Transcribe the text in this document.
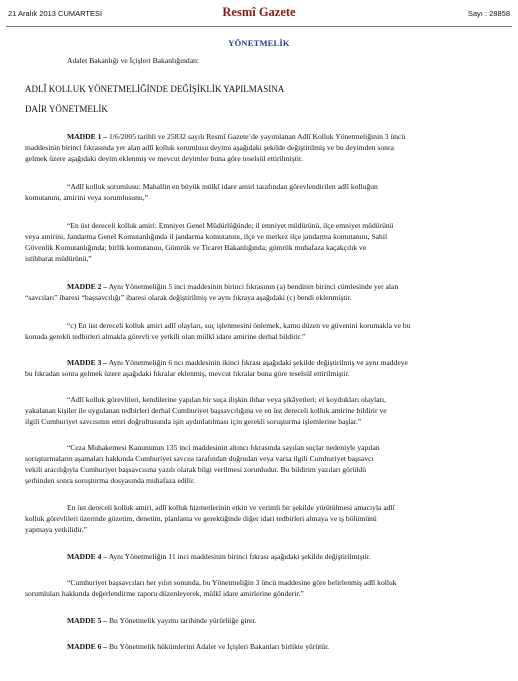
21 Aralık 2013 CUMARTESİ	Resmî Gazete	Sayı : 28858
YÖNETMELİK
Adalet Bakanlığı ve İçişleri Bakanlığından:
ADLÎ KOLLUK YÖNETMELİĞİNDE DEĞİŞİKLİK YAPILMASINA
DAİR YÖNETMELİK
MADDE 1 – 1/6/2005 tarihli ve 25832 sayılı Resmî Gazete’de yayımlanan Adlî Kolluk Yönetmeliğinin 3 üncü
maddesinin birinci fıkrasında yer alan adlî kolluk sorumlusu deyimi aşağıdaki şekilde değiştirilmiş ve bu deyimden sonra
gelmek üzere aşağıdaki deyim eklenmiş ve mevcut deyimler buna göre teselsül ettirilmiştir.
“Adlî kolluk sorumlusu: Mahallin en büyük mülkî idare amiri tarafından görevlendirilen adlî kolluğun
komutanını, amirini veya sorumlusunu,”
“En üst dereceli kolluk amiri: Emniyet Genel Müdürlüğünde; il emniyet müdürünü, ilçe emniyet müdürünü
veya amirini, Jandarma Genel Komutanlığında il jandarma komutanını, ilçe ve merkez ilçe jandarma komutanını, Sahil
Güvenlik Komutanlığında; birlik komutanını, Gümrük ve Ticaret Bakanlığında; gümrük muhafaza kaçakçılık ve
istihbarat müdürünü,”
MADDE 2 – Aynı Yönetmeliğin 5 inci maddesinin birinci fıkrasının (a) bendinin birinci cümlesinde yer alan
“savcıları” ibaresi “başsavcılığı” ibaresi olarak değiştirilmiş ve aynı fıkraya aşağıdaki (c) bendi eklenmiştir.
“c) En üst dereceli kolluk amiri adlî olayları, suç işlenmesini önlemek, kamu düzen ve güvenini korumakla ve bu
konuda gerekli tedbirleri almakla görevli ve yetkili olan mülkî idare amirine derhal bildirir.”
MADDE 3 – Aynı Yönetmeliğin 6 ncı maddesinin ikinci fıkrası aşağıdaki şekilde değiştirilmiş ve aynı maddeye
bu fıkradan sonra gelmek üzere aşağıdaki fıkralar eklenmiş, mevcut fıkralar buna göre teselsül ettirilmiştir.
“Adlî kolluk görevlileri, kendilerine yapılan bir suça ilişkin ihbar veya şikâyetleri; el koydukları olayları,
yakalanan kişiler ile uygulanan tedbirleri derhal Cumhuriyet başsavcılığına ve en üst dereceli kolluk amirine bildirir ve
ilgili Cumhuriyet savcısının emri doğrultusunda işin aydınlatılması için gerekli soruşturma işlemlerine başlar.”
“Ceza Muhakemesi Kanununun 135 inci maddesinin altıncı fıkrasında sayılan suçlar nedeniyle yapılan
soruşturmaların aşamaları hakkında Cumhuriyet savcısı tarafından doğrudan veya varsa ilgili Cumhuriyet başsavcı
vekili aracılığıyla Cumhuriyet başsavcısına yazılı olarak bilgi verilmesi zorunludur. Bu bildirim yazıları görüldü
şerhinden sonra soruşturma dosyasında muhafaza edilir.
En üst dereceli kolluk amiri, adlî kolluk hizmetlerinin etkin ve verimli bir şekilde yürütülmesi amacıyla adlî
kolluk görevlileri üzerinde gözetim, denetim, planlama ve gerektiğinde diğer idari tedbirleri almaya ve iş bölümünü
yapmaya yetkilidir.”
MADDE 4 – Aynı Yönetmeliğin 11 inci maddesinin birinci fıkrası aşağıdaki şekilde değiştirilmiştir.
“Cumhuriyet başsavcıları her yılın sonunda, bu Yönetmeliğin 3 üncü maddesine göre belirlenmiş adlî kolluk
sorumluları hakkında değerlendirme raporu düzenleyerek, mülkî idare amirlerine gönderir.”
MADDE 5 – Bu Yönetmelik yayımı tarihinde yürürlüğe girer.
MADDE 6 – Bu Yönetmelik hükümlerini Adalet ve İçişleri Bakanları birlikte yürütür.
